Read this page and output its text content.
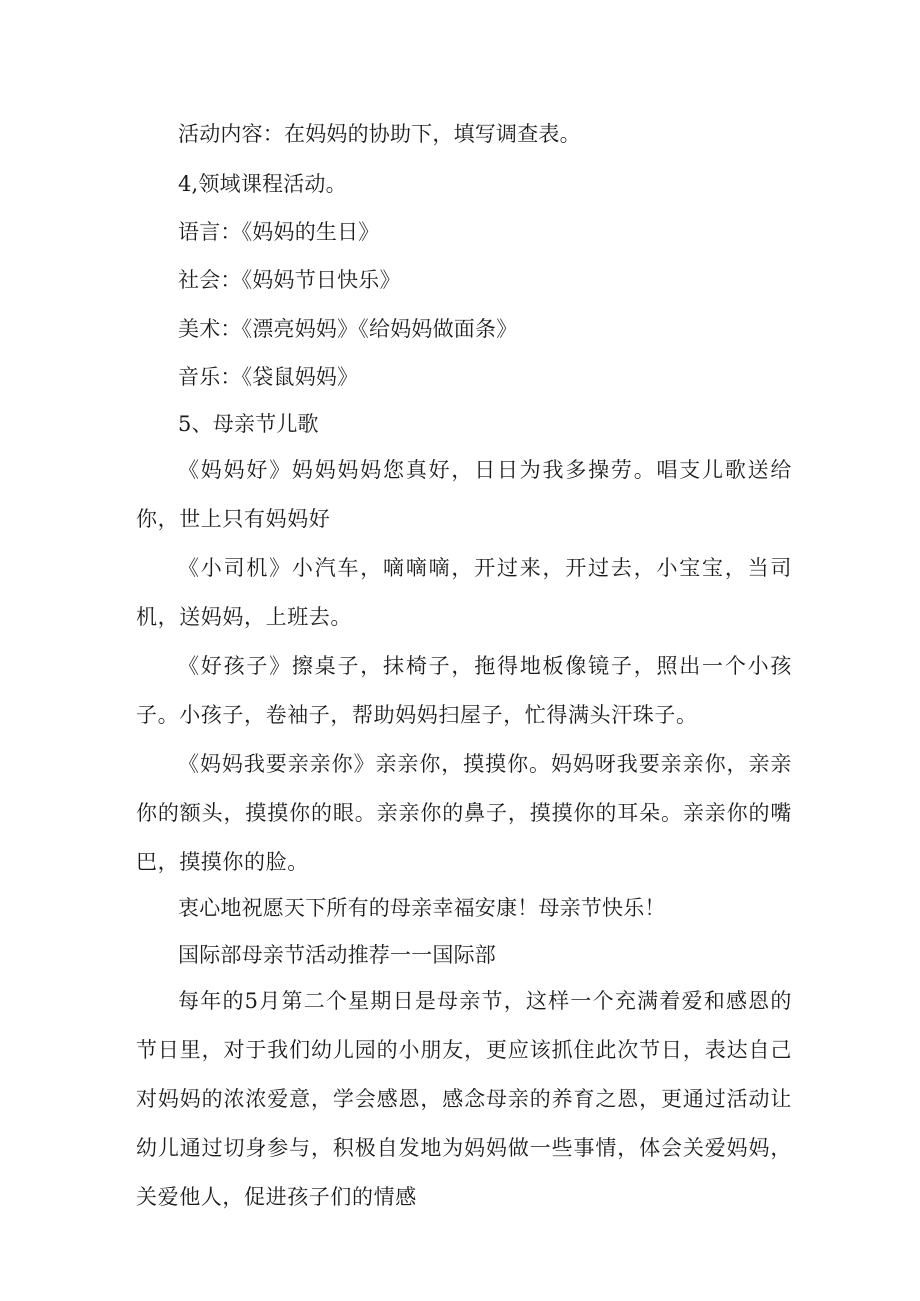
活动内容：在妈妈的协助下，填写调查表。
4,领域课程活动。
语言：《妈妈的生日》
社会：《妈妈节日快乐》
美术：《漂亮妈妈》《给妈妈做面条》
音乐：《袋鼠妈妈》
5、母亲节儿歌
《妈妈好》妈妈妈妈您真好，日日为我多操劳。唱支儿歌送给你，世上只有妈妈好
《小司机》小汽车，嘀嘀嘀，开过来，开过去，小宝宝，当司机，送妈妈，上班去。
《好孩子》擦桌子，抹椅子，拖得地板像镜子，照出一个小孩子。小孩子，卷袖子，帮助妈妈扫屋子，忙得满头汗珠子。
《妈妈我要亲亲你》亲亲你，摸摸你。妈妈呀我要亲亲你，亲亲你的额头，摸摸你的眼。亲亲你的鼻子，摸摸你的耳朵。亲亲你的嘴巴，摸摸你的脸。
衷心地祝愿天下所有的母亲幸福安康！母亲节快乐！
国际部母亲节活动推荐一一国际部
每年的5月第二个星期日是母亲节，这样一个充满着爱和感恩的节日里，对于我们幼儿园的小朋友，更应该抓住此次节日，表达自己对妈妈的浓浓爱意，学会感恩，感念母亲的养育之恩，更通过活动让幼儿通过切身参与，积极自发地为妈妈做一些事情，体会关爱妈妈，关爱他人，促进孩子们的情感
